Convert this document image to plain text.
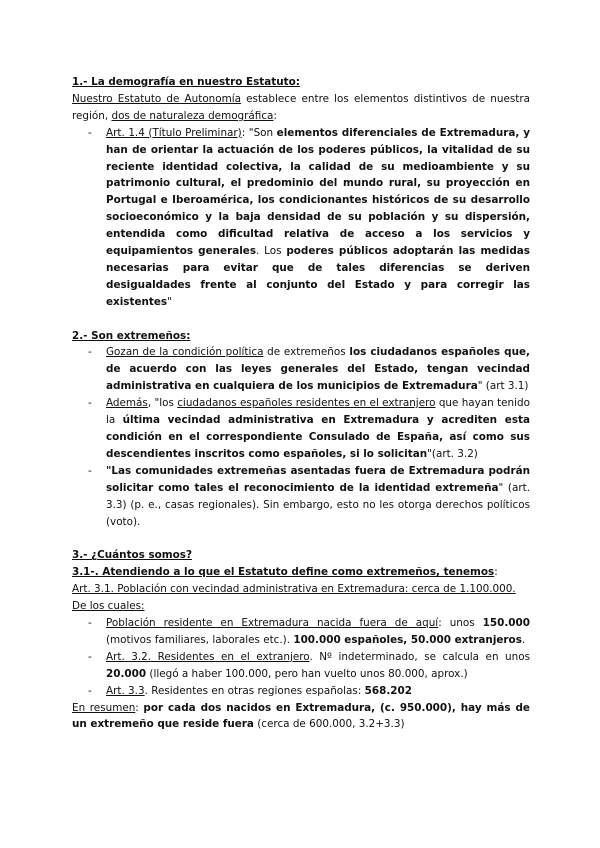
1.- La demografía en nuestro Estatuto:

Nuestro Estatuto de Autonomía establece entre los elementos distintivos de nuestra región, dos de naturaleza demográfica:

- Art. 1.4 (Título Preliminar): "Son elementos diferenciales de Extremadura, y han de orientar la actuación de los poderes públicos, la vitalidad de su reciente identidad colectiva, la calidad de su medioambiente y su patrimonio cultural, el predominio del mundo rural, su proyección en Portugal e Iberoamérica, los condicionantes históricos de su desarrollo socioeconómico y la baja densidad de su población y su dispersión, entendida como dificultad relativa de acceso a los servicios y equipamientos generales. Los poderes públicos adoptarán las medidas necesarias para evitar que de tales diferencias se deriven desigualdades frente al conjunto del Estado y para corregir las existentes"

2.- Son extremeños:

- Gozan de la condición política de extremeños los ciudadanos españoles que, de acuerdo con las leyes generales del Estado, tengan vecindad administrativa en cualquiera de los municipios de Extremadura" (art 3.1)
- Además, "los ciudadanos españoles residentes en el extranjero que hayan tenido la última vecindad administrativa en Extremadura y acrediten esta condición en el correspondiente Consulado de España, así como sus descendientes inscritos como españoles, si lo solicitan"(art. 3.2)
- "Las comunidades extremeñas asentadas fuera de Extremadura podrán solicitar como tales el reconocimiento de la identidad extremeña" (art. 3.3) (p. e., casas regionales). Sin embargo, esto no les otorga derechos políticos (voto).

3.- ¿Cuántos somos?

3.1-. Atendiendo a lo que el Estatuto define como extremeños, tenemos:

Art. 3.1. Población con vecindad administrativa en Extremadura: cerca de 1.100.000. De los cuales:

- Población residente en Extremadura nacida fuera de aquí: unos 150.000 (motivos familiares, laborales etc.). 100.000 españoles, 50.000 extranjeros.
- Art. 3.2. Residentes en el extranjero. Nº indeterminado, se calcula en unos 20.000 (llegó a haber 100.000, pero han vuelto unos 80.000, aprox.)
- Art. 3.3. Residentes en otras regiones españolas: 568.202

En resumen: por cada dos nacidos en Extremadura, (c. 950.000), hay más de un extremeño que reside fuera (cerca de 600.000, 3.2+3.3)
